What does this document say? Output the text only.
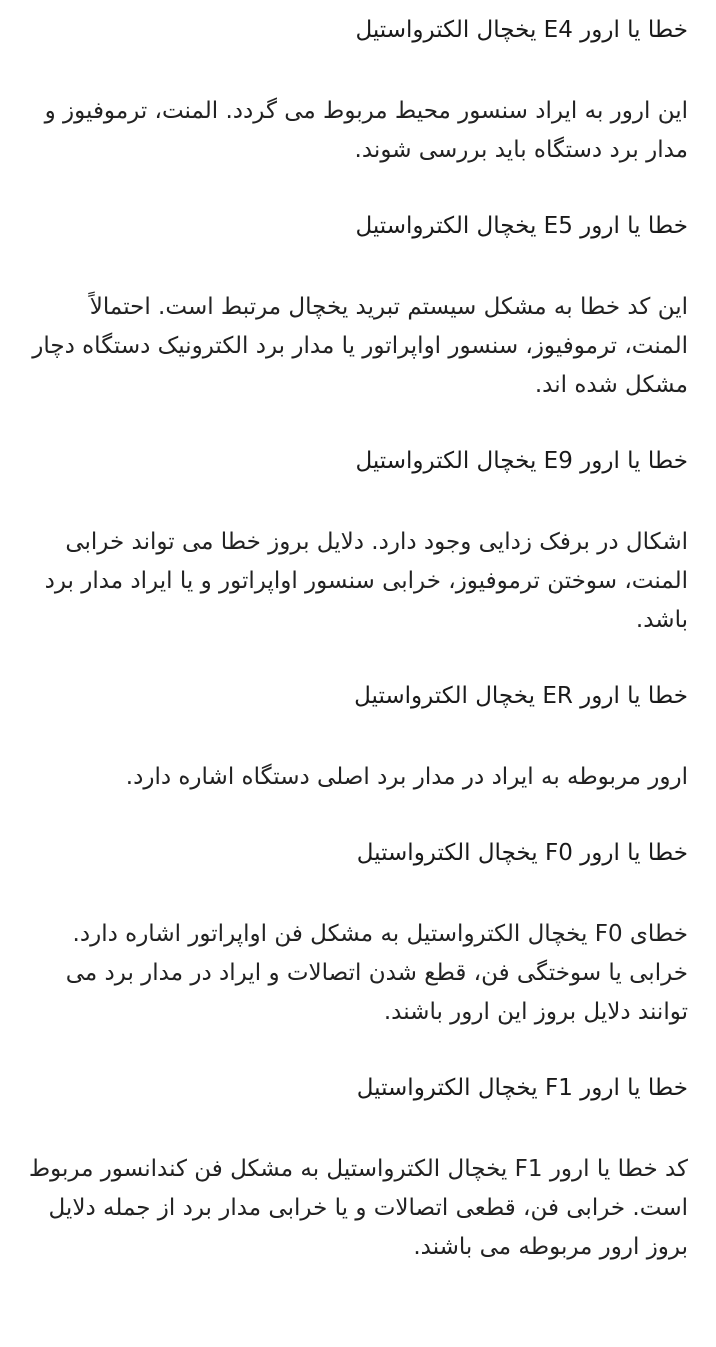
خطا یا ارور E4 یخچال الکترواستیل

این ارور به ایراد سنسور محیط مربوط می گردد. المنت، ترموفیوز و مدار برد دستگاه باید بررسی شوند.

خطا یا ارور E5 یخچال الکترواستیل

این کد خطا به مشکل سیستم تبرید یخچال مرتبط است. احتمالاً المنت، ترموفیوز، سنسور اواپراتور یا مدار برد الکترونیک دستگاه دچار مشکل شده اند.

خطا یا ارور E9 یخچال الکترواستیل

اشکال در برفک زدایی وجود دارد. دلایل بروز خطا می تواند خرابی المنت، سوختن ترموفیوز، خرابی سنسور اواپراتور و یا ایراد مدار برد باشد.

خطا یا ارور ER یخچال الکترواستیل

ارور مربوطه به ایراد در مدار برد اصلی دستگاه اشاره دارد.

خطا یا ارور F0 یخچال الکترواستیل

خطای F0 یخچال الکترواستیل به مشکل فن اواپراتور اشاره دارد. خرابی یا سوختگی فن، قطع شدن اتصالات و ایراد در مدار برد می توانند دلایل بروز این ارور باشند.

خطا یا ارور F1 یخچال الکترواستیل

کد خطا یا ارور F1 یخچال الکترواستیل به مشکل فن کندانسور مربوط است. خرابی فن، قطعی اتصالات و یا خرابی مدار برد از جمله دلایل بروز ارور مربوطه می باشند.
